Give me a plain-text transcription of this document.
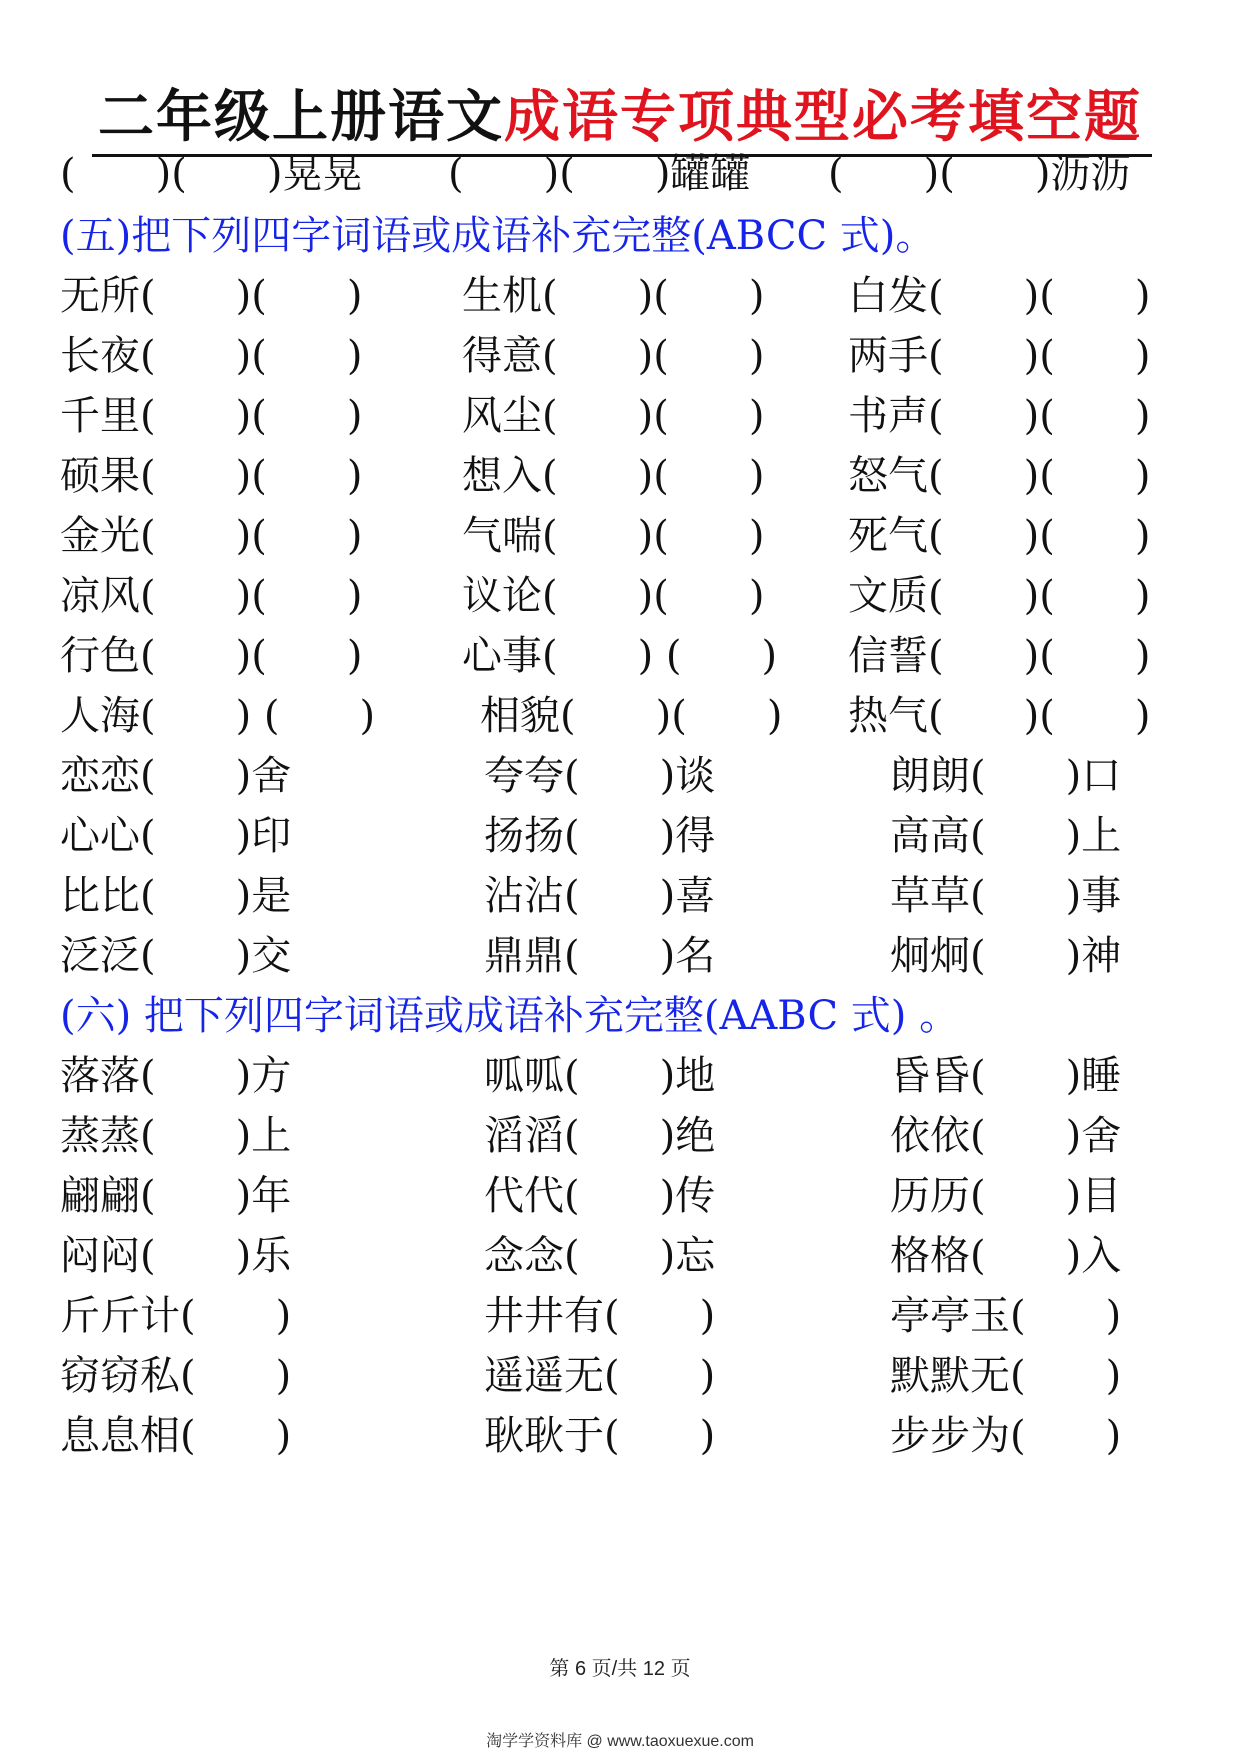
二年级上册语文成语专项典型必考填空题
(　　)(　　)晃晃 (　　)(　　)罐罐 (　　)(　　)沥沥
(五)把下列四字词语或成语补充完整(ABCC 式)。
无所(　　)(　　) 生机(　　)(　　) 白发(　　)(　　)
长夜(　　)(　　) 得意(　　)(　　) 两手(　　)(　　)
千里(　　)(　　) 风尘(　　)(　　) 书声(　　)(　　)
硕果(　　)(　　) 想入(　　)(　　) 怒气(　　)(　　)
金光(　　)(　　) 气喘(　　)(　　) 死气(　　)(　　)
凉风(　　)(　　) 议论(　　)(　　) 文质(　　)(　　)
行色(　　)(　　) 心事(　　) (　　) 信誓(　　)(　　)
人海(　　) (　　)	相貌(　　)(　　) 热气(　　)(　　)
恋恋(　　)舍	夸夸(　　)谈	朗朗(　　)口
心心(　　)印	扬扬(　　)得	高高(　　)上
比比(　　)是	沾沾(　　)喜	草草(　　)事
泛泛(　　)交	鼎鼎(　　)名	炯炯(　　)神
(六) 把下列四字词语或成语补充完整(AABC 式) 。
落落(　　)方	呱呱(　　)地	昏昏(　　)睡
蒸蒸(　　)上	滔滔(　　)绝	依依(　　)舍
翩翩(　　)年	代代(　　)传	历历(　　)目
闷闷(　　)乐	念念(　　)忘	格格(　　)入
斤斤计(　　)	井井有(　　)	亭亭玉(　　)
窃窃私(　　)	遥遥无(　　)	默默无(　　)
息息相(　　)	耿耿于(　　)	步步为(　　)
第 6 页/共 12 页
淘学学资料库 @ www.taoxuexue.com
